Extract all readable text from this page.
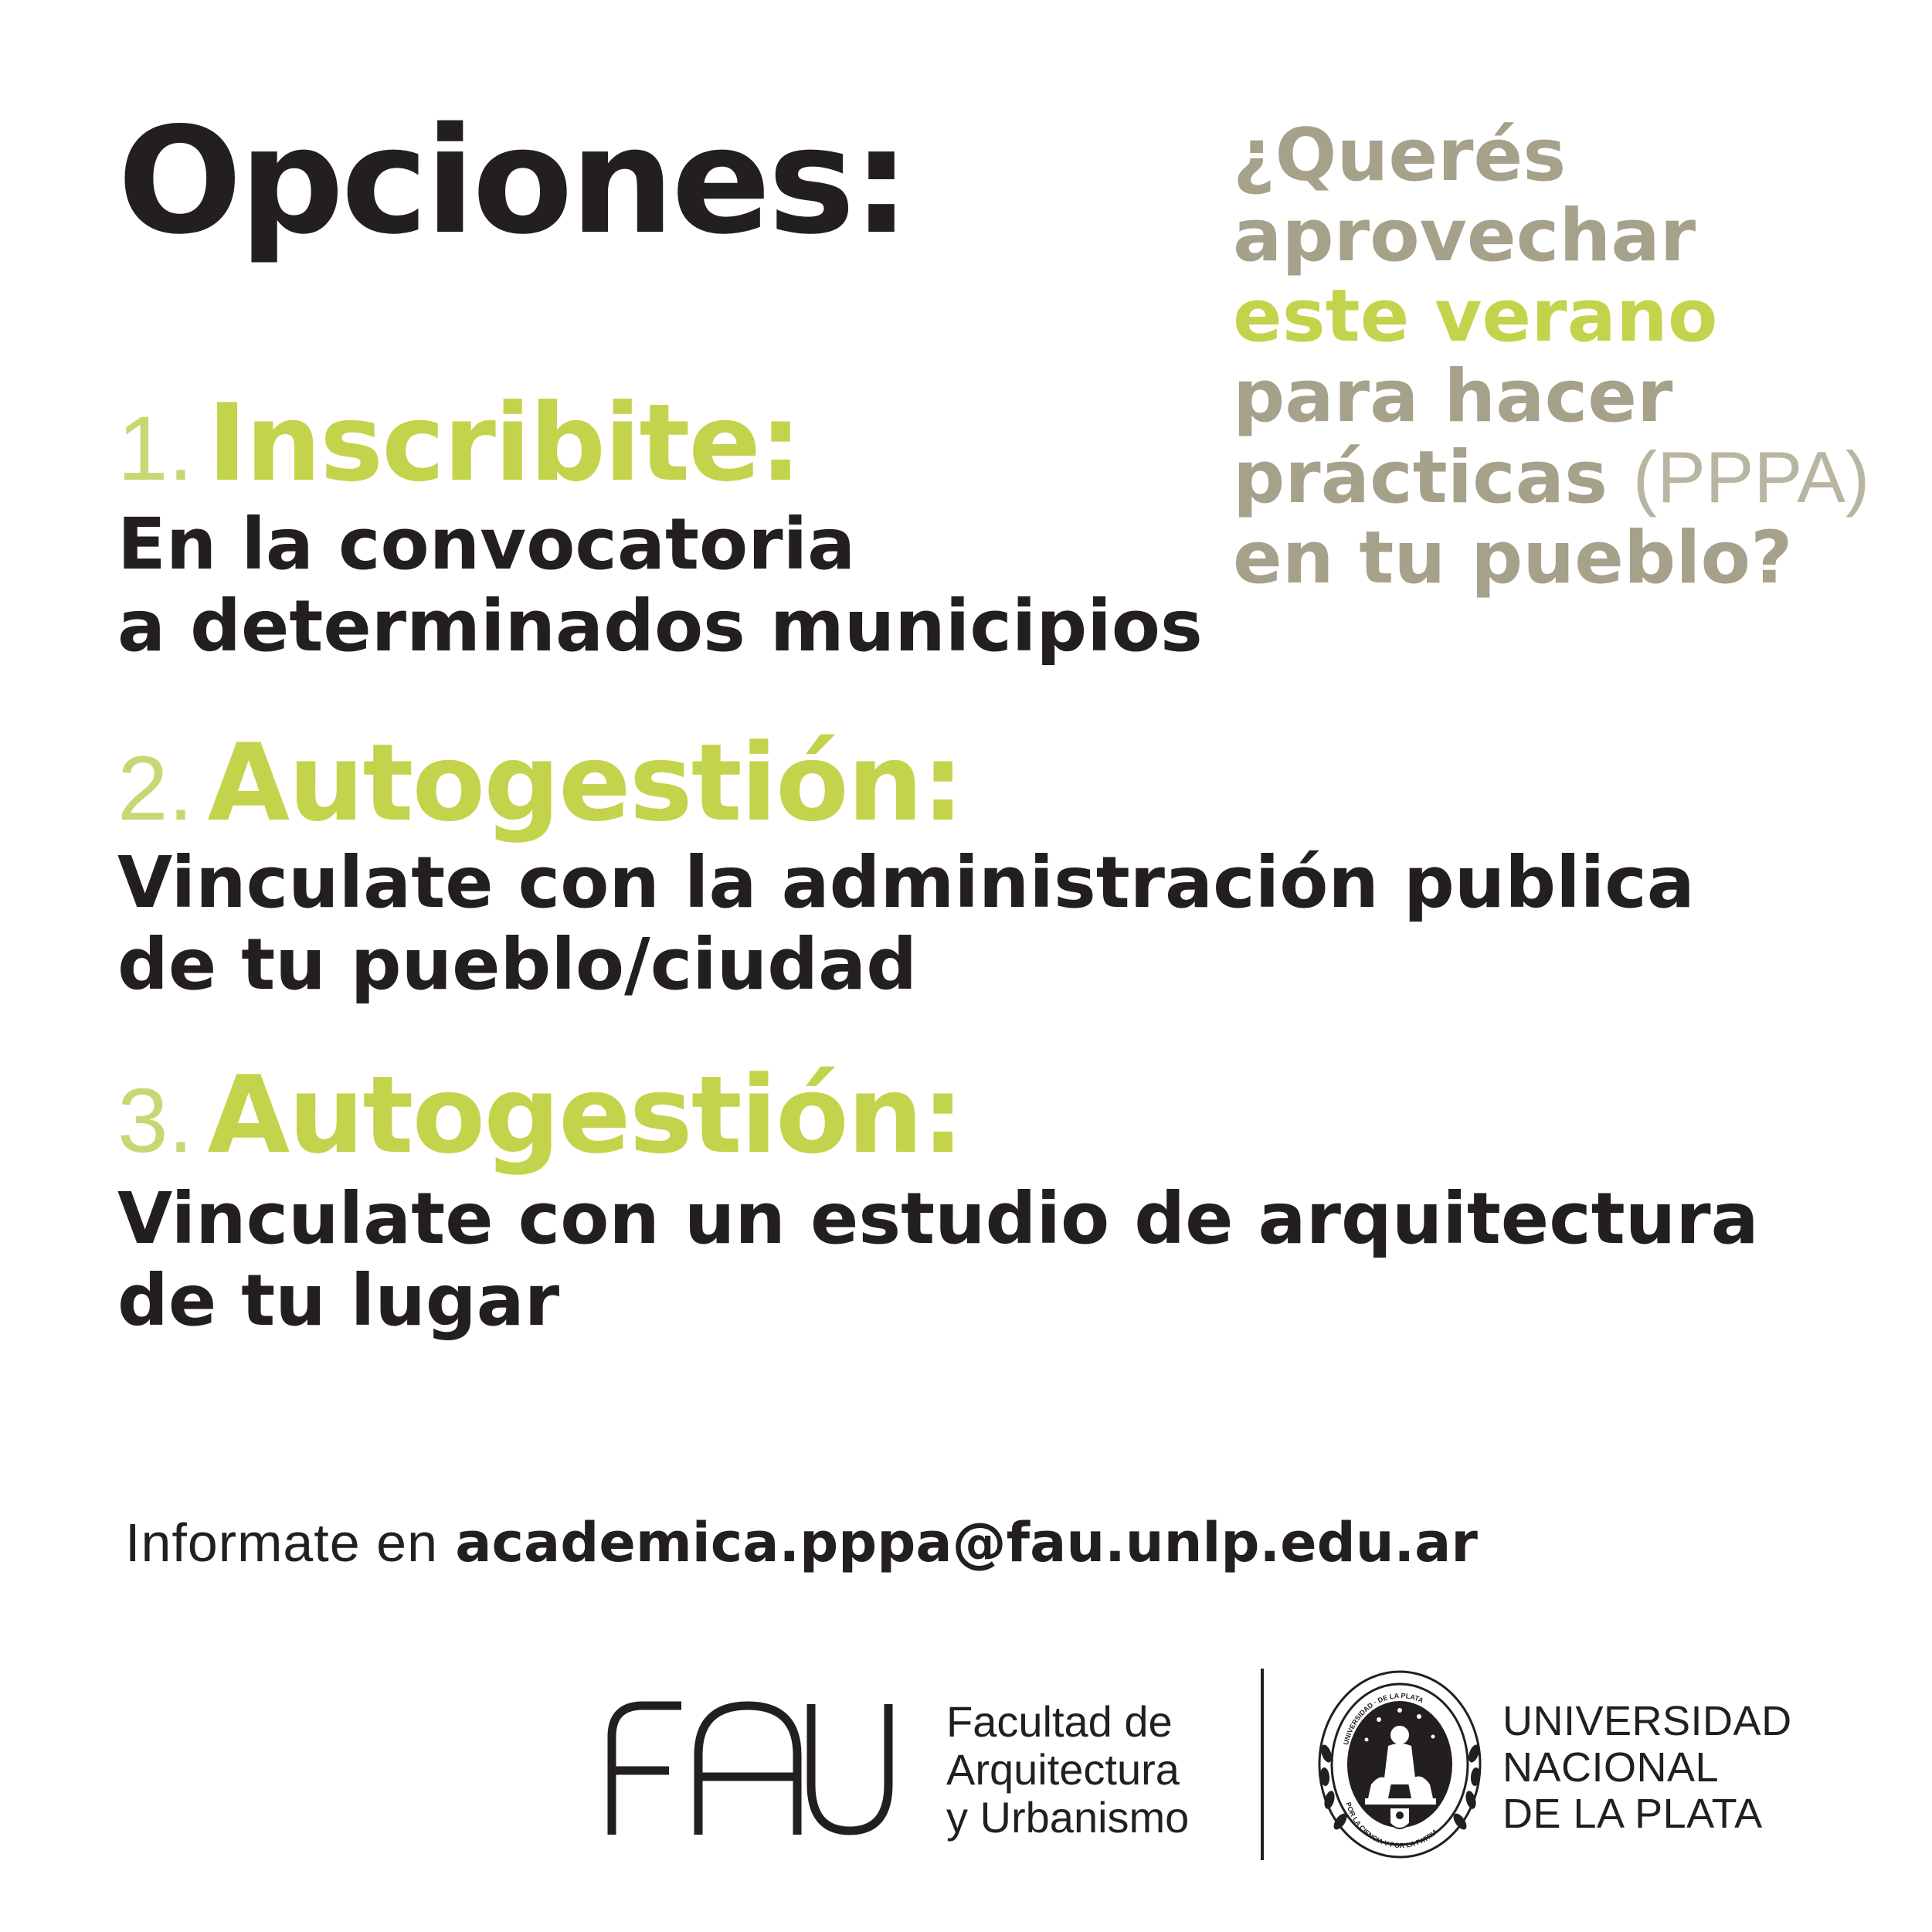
Opciones:	¿Querés
aprovechar
este verano
para hacer
prácticas (PPPA)
en tu pueblo?
1. Inscribite:
En la convocatoria
a determinados municipios
2. Autogestión:
Vinculate con la administración publica
de tu pueblo/ciudad
3. Autogestión:
Vinculate con un estudio de arquitectura
de tu lugar
Informate en academica.pppa@fau.unlp.edu.ar
Facultad de
Arquitectura
y Urbanismo	POR LA CIENCIA Y POR LA PATRIA
UNIVERSIDAD · DE LA PLATA UNIVERSIDAD
NACIONAL
DE LA PLATA
